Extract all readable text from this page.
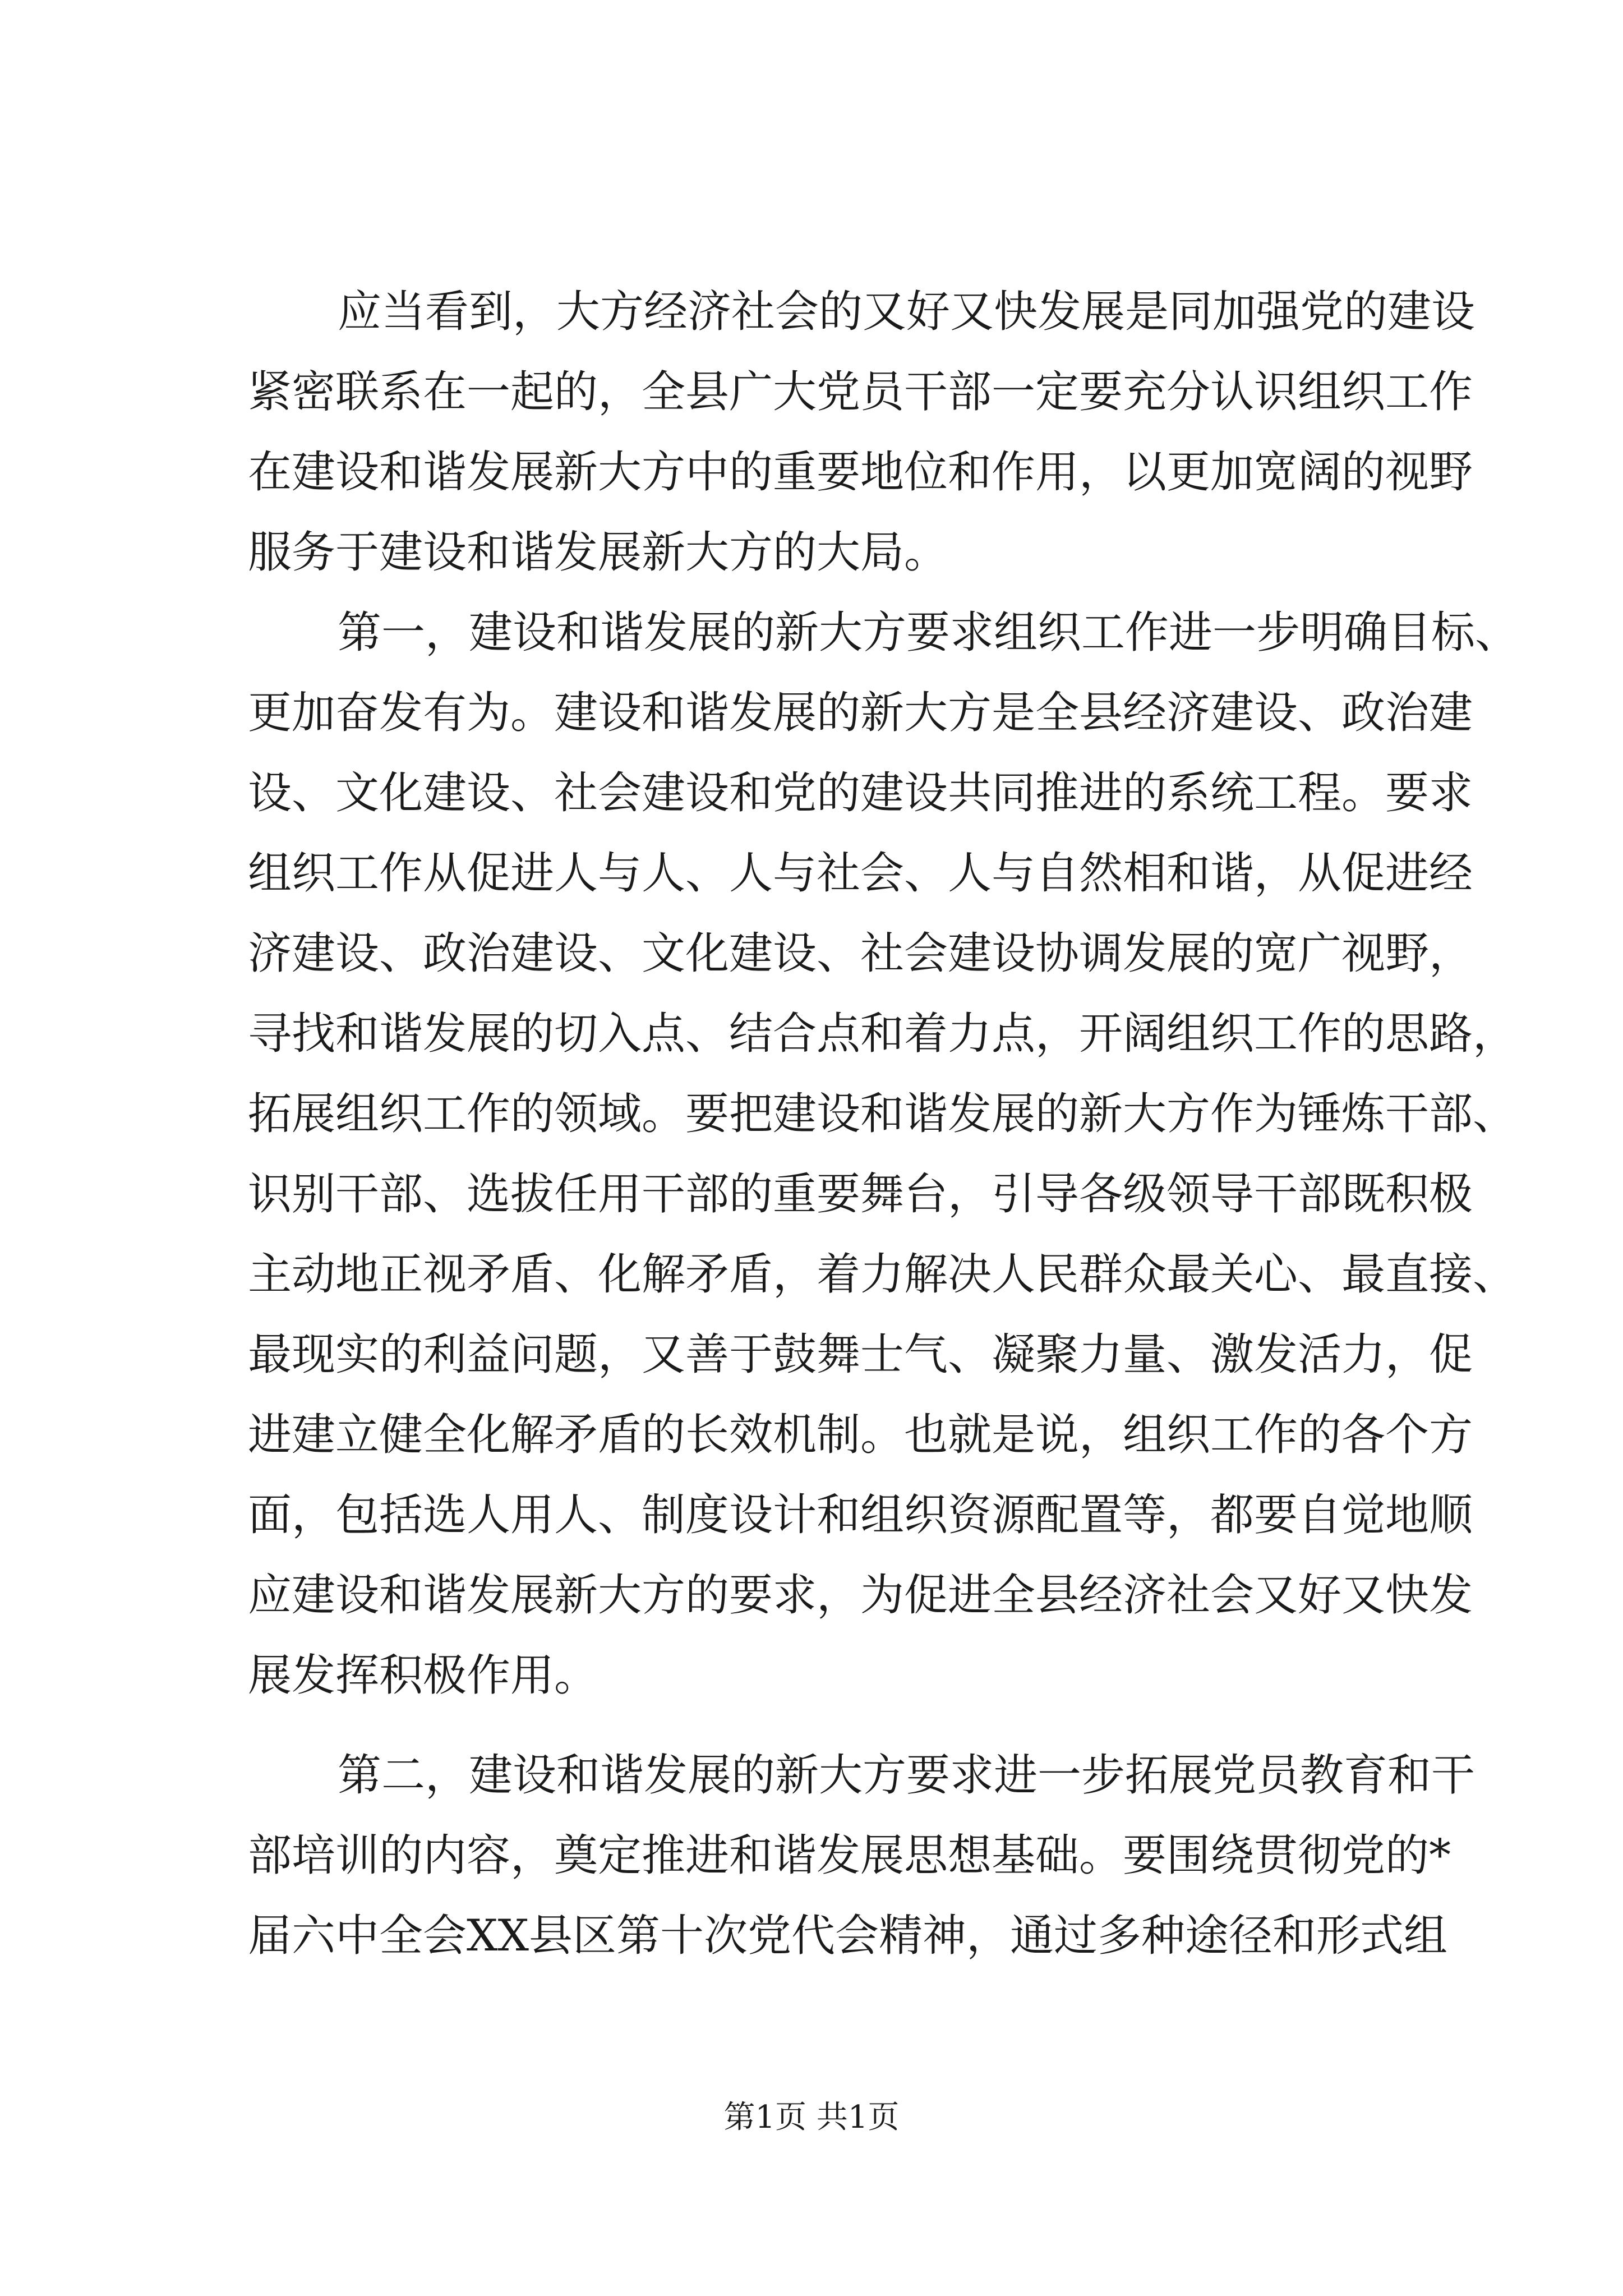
应当看到，大方经济社会的又好又快发展是同加强党的建设
紧密联系在一起的，全县广大党员干部一定要充分认识组织工作
在建设和谐发展新大方中的重要地位和作用，以更加宽阔的视野
服务于建设和谐发展新大方的大局。
第一，建设和谐发展的新大方要求组织工作进一步明确目标、
更加奋发有为。建设和谐发展的新大方是全县经济建设、政治建
设、文化建设、社会建设和党的建设共同推进的系统工程。要求
组织工作从促进人与人、人与社会、人与自然相和谐，从促进经
济建设、政治建设、文化建设、社会建设协调发展的宽广视野，
寻找和谐发展的切入点、结合点和着力点，开阔组织工作的思路，
拓展组织工作的领域。要把建设和谐发展的新大方作为锤炼干部、
识别干部、选拔任用干部的重要舞台，引导各级领导干部既积极
主动地正视矛盾、化解矛盾，着力解决人民群众最关心、最直接、
最现实的利益问题，又善于鼓舞士气、凝聚力量、激发活力，促
进建立健全化解矛盾的长效机制。也就是说，组织工作的各个方
面，包括选人用人、制度设计和组织资源配置等，都要自觉地顺
应建设和谐发展新大方的要求，为促进全县经济社会又好又快发
展发挥积极作用。
第二，建设和谐发展的新大方要求进一步拓展党员教育和干
部培训的内容，奠定推进和谐发展思想基础。要围绕贯彻党的*
届六中全会XX县区第十次党代会精神，通过多种途径和形式组
第1页 共1页
